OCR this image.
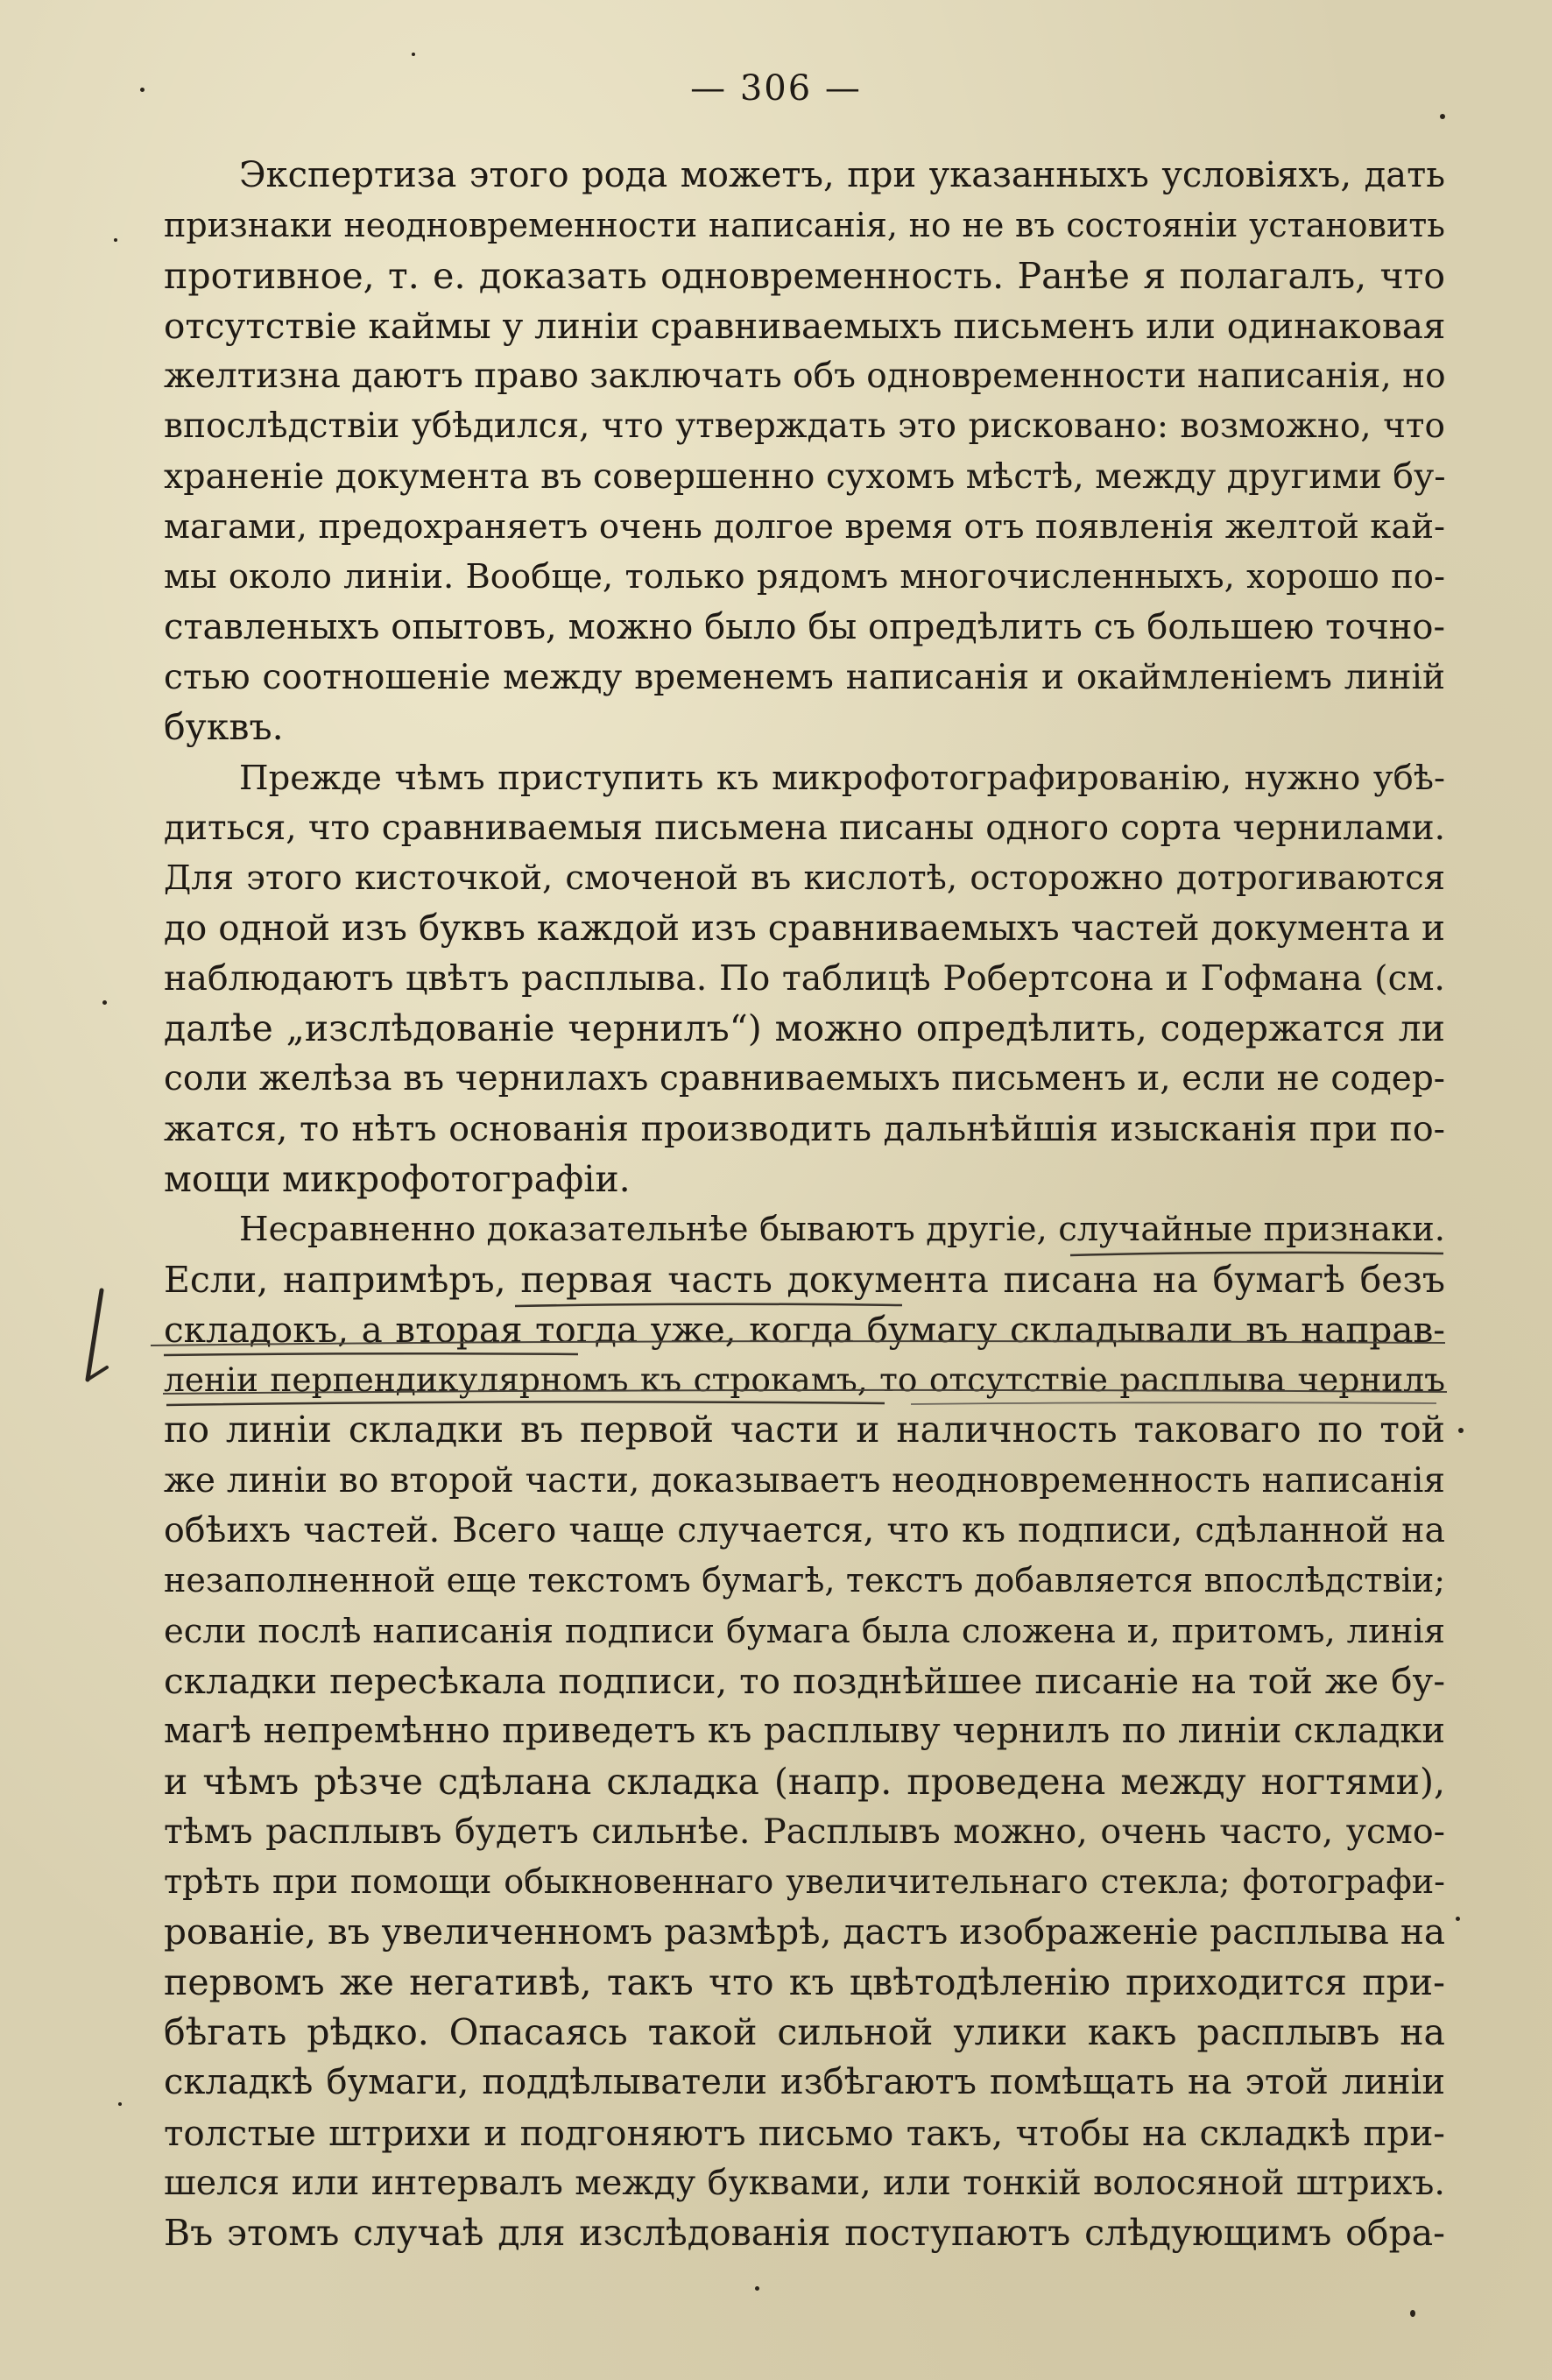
— 306 —
Экспертиза этого рода можетъ, при указанныхъ условіяхъ, дать
признаки неодновременности написанія, но не въ состояніи установить
противное, т. е. доказать одновременность. Ранѣе я полагалъ, что
отсутствіе каймы у линіи сравниваемыхъ письменъ или одинаковая
желтизна даютъ право заключать объ одновременности написанія, но
впослѣдствіи убѣдился, что утверждать это рисковано: возможно, что
храненіе документа въ совершенно сухомъ мѣстѣ, между другими бу-
магами, предохраняетъ очень долгое время отъ появленія желтой кай-
мы около линіи. Вообще, только рядомъ многочисленныхъ, хорошо по-
ставленыхъ опытовъ, можно было бы опредѣлить съ большею точно-
стью соотношеніе между временемъ написанія и окаймленіемъ линій
буквъ.
Прежде чѣмъ приступить къ микрофотографированію, нужно убѣ-
диться, что сравниваемыя письмена писаны одного сорта чернилами.
Для этого кисточкой, смоченой въ кислотѣ, осторожно дотрогиваются
до одной изъ буквъ каждой изъ сравниваемыхъ частей документа и
наблюдаютъ цвѣтъ расплыва. По таблицѣ Робертсона и Гофмана (см.
далѣе „изслѣдованіе чернилъ“) можно опредѣлить, содержатся ли
соли желѣза въ чернилахъ сравниваемыхъ письменъ и, если не содер-
жатся, то нѣтъ основанія производить дальнѣйшія изысканія при по-
мощи микрофотографіи.
Несравненно доказательнѣе бываютъ другіе, случайные признаки.
Если, напримѣръ, первая часть документа писана на бумагѣ безъ
складокъ, а вторая тогда уже, когда бумагу складывали въ направ-
леніи перпендикулярномъ къ строкамъ, то отсутствіе расплыва чернилъ
по линіи складки въ первой части и наличность таковаго по той
же линіи во второй части, доказываетъ неодновременность написанія
обѣихъ частей. Всего чаще случается, что къ подписи, сдѣланной на
незаполненной еще текстомъ бумагѣ, текстъ добавляется впослѣдствіи;
если послѣ написанія подписи бумага была сложена и, притомъ, линія
складки пересѣкала подписи, то позднѣйшее писаніе на той же бу-
магѣ непремѣнно приведетъ къ расплыву чернилъ по линіи складки
и чѣмъ рѣзче сдѣлана складка (напр. проведена между ногтями),
тѣмъ расплывъ будетъ сильнѣе. Расплывъ можно, очень часто, усмо-
трѣть при помощи обыкновеннаго увеличительнаго стекла; фотографи-
рованіе, въ увеличенномъ размѣрѣ, дастъ изображеніе расплыва на
первомъ же негативѣ, такъ что къ цвѣтодѣленію приходится при-
бѣгать рѣдко. Опасаясь такой сильной улики какъ расплывъ на
складкѣ бумаги, поддѣлыватели избѣгаютъ помѣщать на этой линіи
толстые штрихи и подгоняютъ письмо такъ, чтобы на складкѣ при-
шелся или интервалъ между буквами, или тонкій волосяной штрихъ.
Въ этомъ случаѣ для изслѣдованія поступаютъ слѣдующимъ обра-
